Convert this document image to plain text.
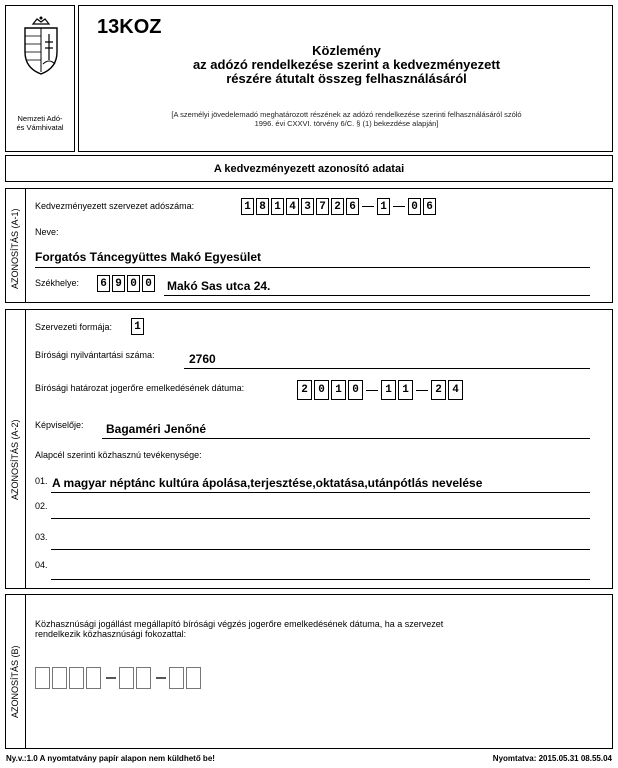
Nemzeti Adó-
és Vámhivatal
13KOZ
Közlemény
az adózó rendelkezése szerint a kedvezményezett
részére átutalt összeg felhasználásáról
[A személyi jövedelemadó meghatározott részének az adózó rendelkezése szerinti felhasználásáról szóló
1996. évi CXXVI. törvény 6/C. § (1) bekezdése alapján]
A kedvezményezett azonosító adatai
AZONOSÍTÁS (A-1)
Kedvezményezett szervezet adószáma:	1 8 1 4 3 7 2 6 1 0 6
Neve:
Forgatós Táncegyüttes Makó Egyesület
Székhelye: 6 9 0 0 Makó Sas utca 24.
AZONOSÍTÁS (A-2)
Szervezeti formája: 1
Bírósági nyilvántartási száma:	2760
Bírósági határozat jogerőre emelkedésének dátuma:	2 0 1 0	1 1	2 4
Képviselője: Bagaméri Jenőné
Alapcél szerinti közhasznú tevékenysége:
01. A magyar néptánc kultúra ápolása,terjesztése,oktatása,utánpótlás nevelése
02.
03.
04.
AZONOSÍTÁS (B)
Közhasznúsági jogállást megállapító bírósági végzés jogerőre emelkedésének dátuma, ha a szervezet
rendelkezik közhasznúsági fokozattal:
Ny.v.:1.0 A nyomtatvány papír alapon nem küldhető be!	Nyomtatva: 2015.05.31 08.55.04
